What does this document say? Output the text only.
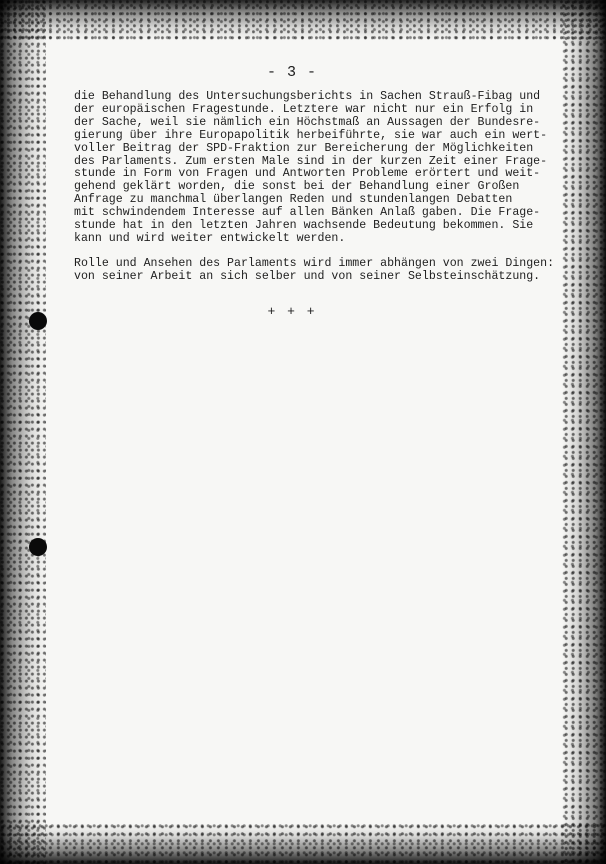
- 3 -
die Behandlung des Untersuchungsberichts in Sachen Strauß-Fibag und
der europäischen Fragestunde. Letztere war nicht nur ein Erfolg in
der Sache, weil sie nämlich ein Höchstmaß an Aussagen der Bundesre-
gierung über ihre Europapolitik herbeiführte, sie war auch ein wert-
voller Beitrag der SPD-Fraktion zur Bereicherung der Möglichkeiten
des Parlaments. Zum ersten Male sind in der kurzen Zeit einer Frage-
stunde in Form von Fragen und Antworten Probleme erörtert und weit-
gehend geklärt worden, die sonst bei der Behandlung einer Großen
Anfrage zu manchmal überlangen Reden und stundenlangen Debatten
mit schwindendem Interesse auf allen Bänken Anlaß gaben. Die Frage-
stunde hat in den letzten Jahren wachsende Bedeutung bekommen. Sie
kann und wird weiter entwickelt werden.
Rolle und Ansehen des Parlaments wird immer abhängen von zwei Dingen:
von seiner Arbeit an sich selber und von seiner Selbsteinschätzung.
+ + +
